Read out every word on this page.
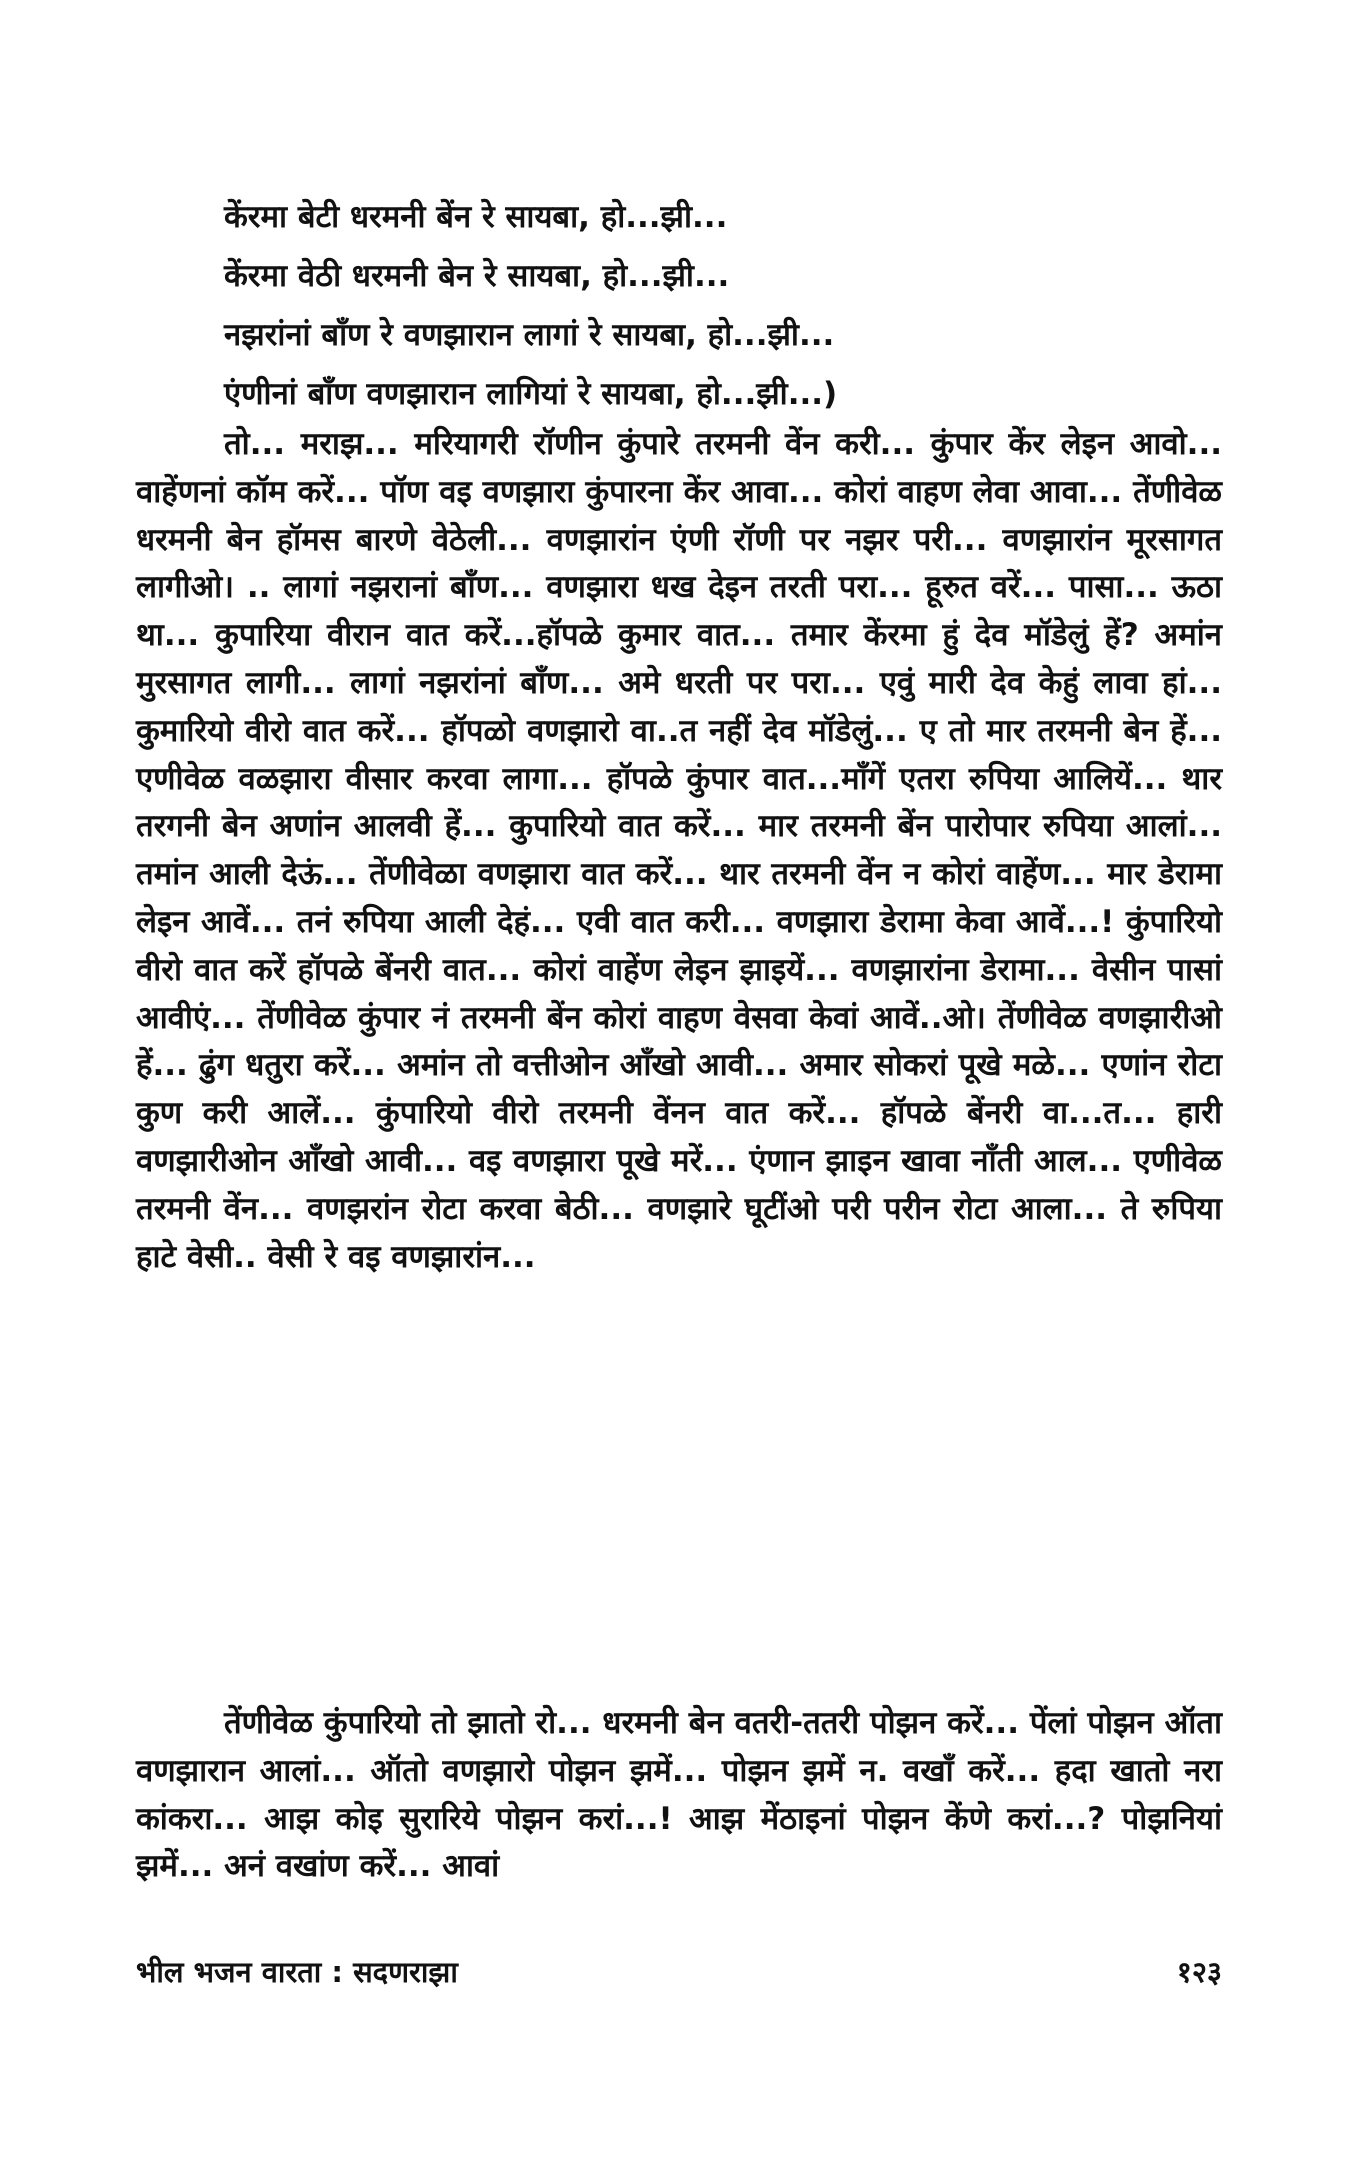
केंरमा बेटी धरमनी बेंन रे सायबा, हो...झी...
केंरमा वेठी धरमनी बेन रे सायबा, हो...झी...
नझरांनां बाँण रे वणझारान लागां रे सायबा, हो...झी...
एंणीनां बाँण वणझारान लागियां रे सायबा, हो...झी...)

तो... मराझ... मरियागरी रॉणीन कुंपारे तरमनी वेंन करी... कुंपार केंर लेइन आवो... वाहेंणनां कॉम करें... पॉण वइ वणझारा कुंपारना केंर आवा... कोरां वाहण लेवा आवा... तेंणीवेळ धरमनी बेन हॉमस बारणे वेठेली... वणझारांन एंणी रॉणी पर नझर परी... वणझारांन मूरसागत लागीओ। .. लागां नझरानां बाँण... वणझारा धख देइन तरती परा... हूरुत वरें... पासा... ऊठा था... कुपारिया वीरान वात करें...हॉपळे कुमार वात... तमार केंरमा हुं देव मॉडेलुं हें? अमांन मुरसागत लागी... लागां नझरांनां बाँण... अमे धरती पर परा... एवुं मारी देव केहुं लावा हां... कुमारियो वीरो वात करें... हॉपळो वणझारो वा..त नहीं देव मॉडेलुं... ए तो मार तरमनी बेन हें... एणीवेळ वळझारा वीसार करवा लागा... हॉपळे कुंपार वात...माँगें एतरा रुपिया आलियें... थार तरगनी बेन अणांन आलवी हें... कुपारियो वात करें... मार तरमनी बेंन पारोपार रुपिया आलां... तमांन आली देऊं... तेंणीवेळा वणझारा वात करें... थार तरमनी वेंन न कोरां वाहेंण... मार डेरामा लेइन आवें... तनं रुपिया आली देहं... एवी वात करी... वणझारा डेरामा केवा आवें...! कुंपारियो वीरो वात करें हॉपळे बेंनरी वात... कोरां वाहेंण लेइन झाइयें... वणझारांना डेरामा... वेसीन पासां आवीएं... तेंणीवेळ कुंपार नं तरमनी बेंन कोरां वाहण वेसवा केवां आवें..ओ। तेंणीवेळ वणझारीओ हें... ढुंग धतुरा करें... अमांन तो वत्तीओन आँखो आवी... अमार सोकरां पूखे मळे... एणांन रोटा कुण करी आलें... कुंपारियो वीरो तरमनी वेंनन वात करें... हॉपळे बेंनरी वा...त... हारी वणझारीओन आँखो आवी... वइ वणझारा पूखे मरें... एंणान झाइन खावा नाँती आल... एणीवेळ तरमनी वेंन... वणझरांन रोटा करवा बेठी... वणझारे घूटींओ परी परीन रोटा आला... ते रुपिया हाटे वेसी.. वेसी रे वइ वणझारांन...

तेंणीवेळ कुंपारियो तो झातो रो... धरमनी बेन वतरी-ततरी पोझन करें... पेंलां पोझन ऑता वणझारान आलां... ऑतो वणझारो पोझन झमें... पोझन झमें न. वखाँ करें... हदा खातो नरा कांकरा... आझ कोइ सुरारिये पोझन करां...! आझ मेंठाइनां पोझन केंणे करां...? पोझनियां झमें... अनं वखांण करें... आवां

भील भजन वारता : सदणराझा	१२३
